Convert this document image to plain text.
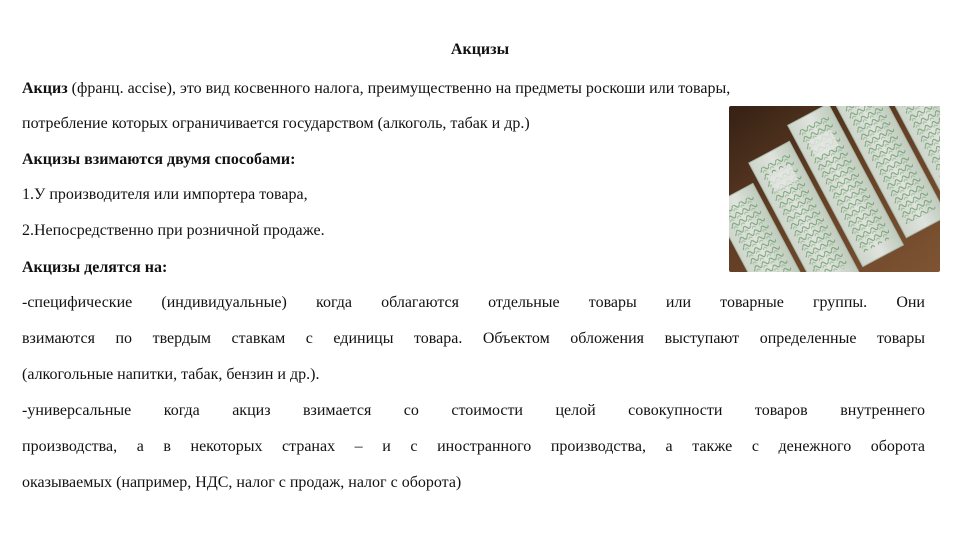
Акцизы

Акциз (франц. accise), это вид косвенного налога, преимущественно на предметы роскоши или товары,

потребление которых ограничивается государством (алкоголь, табак и др.)

Акцизы взимаются двумя способами:

1.У производителя или импортера товара,

2.Непосредственно при розничной продаже.

Акцизы делятся на:

-специфические (индивидуальные) когда облагаются отдельные товары или товарные группы. Они

взимаются по твердым ставкам с единицы товара. Объектом обложения выступают определенные товары

(алкогольные напитки, табак, бензин и др.).

-универсальные когда акциз взимается со стоимости целой совокупности товаров внутреннего

производства, а в некоторых странах – и с иностранного производства, а также с денежного оборота

оказываемых (например, НДС, налог с продаж, налог с оборота)
